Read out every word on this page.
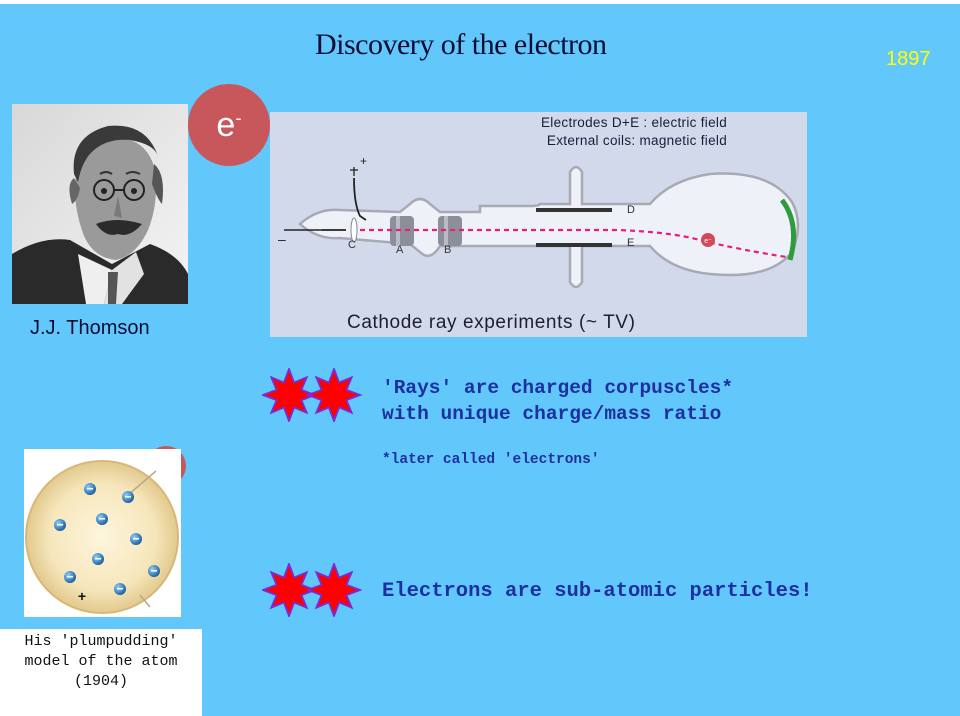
Discovery of the electron	1897
e-
J.J. Thomson
e⁻
+
–	C	A	B
D
E
Electrodes D+E : electric field
External coils: magnetic field
Cathode ray experiments (~ TV)
'Rays' are charged corpuscles*
with unique charge/mass ratio
*later called 'electrons'
e-
+	Electrons are sub-atomic particles!
His 'plumpudding'
model of the atom
(1904)
